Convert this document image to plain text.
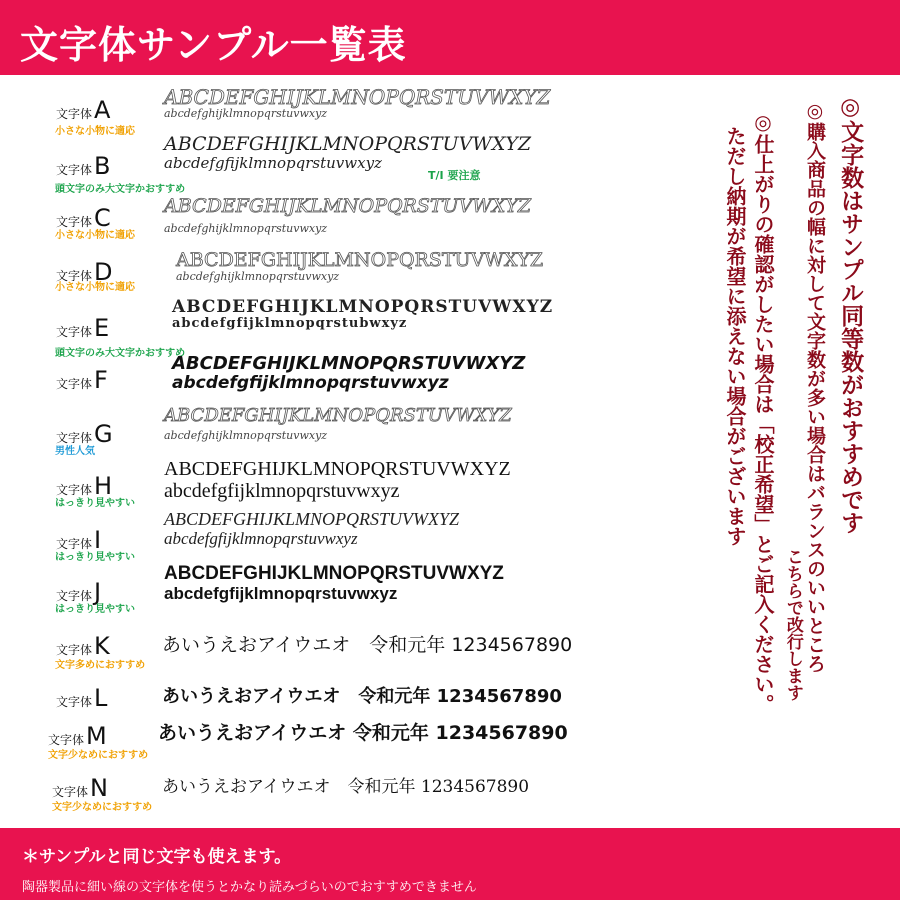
文字体サンプル一覧表
文字体A
小さな小物に適応
ABCDEFGHIJKLMNOPQRSTUVWXYZ
abcdefghijklmnopqrstuvwxyz
文字体B
頭文字のみ大文字かおすすめ
ABCDEFGHIJKLMNOPQRSTUVWXYZ
abcdefgfijklmnopqrstuvwxyz
T/I 要注意
文字体C
小さな小物に適応
ABCDEFGHIJKLMNOPQRSTUVWXYZ
abcdefghijklmnopqrstuvwxyz
文字体D
小さな小物に適応
ABCDEFGHIJKLMNOPQRSTUVWXYZ
abcdefghijklmnopqrstuvwxyz
文字体E
頭文字のみ大文字かおすすめ
ABCDEFGHIJKLMNOPQRSTUVWXYZ
abcdefgfijklmnopqrstubwxyz
文字体F
ABCDEFGHIJKLMNOPQRSTUVWXYZ
abcdefgfijklmnopqrstuvwxyz
文字体G
男性人気
ABCDEFGHIJKLMNOPQRSTUVWXYZ
abcdefghijklmnopqrstuvwxyz
文字体H
はっきり見やすい
ABCDEFGHIJKLMNOPQRSTUVWXYZ
abcdefgfijklmnopqrstuvwxyz
文字体I
はっきり見やすい
ABCDEFGHIJKLMNOPQRSTUVWXYZ
abcdefgfijklmnopqrstuvwxyz
文字体J
はっきり見やすい
ABCDEFGHIJKLMNOPQRSTUVWXYZ
abcdefgfijklmnopqrstuvwxyz
文字体K
文字多めにおすすめ
あいうえおアイウエオ　令和元年 1234567890
文字体L	あいうえおアイウエオ　令和元年 1234567890
文字体M
文字少なめにおすすめ
あいうえおアイウエオ 令和元年 1234567890
文字体N
文字少なめにおすすめ
あいうえおアイウエオ　令和元年 1234567890
◎文字数はサンプル同等数がおすすめです
◎購入商品の幅に対して文字数が多い場合はバランスのいいところ
こちらで改行します
◎仕上がりの確認がしたい場合は「校正希望」とご記入ください。
ただし納期が希望に添えない場合がございます
＊サンプルと同じ文字も使えます。
陶器製品に細い線の文字体を使うとかなり読みづらいのでおすすめできません
